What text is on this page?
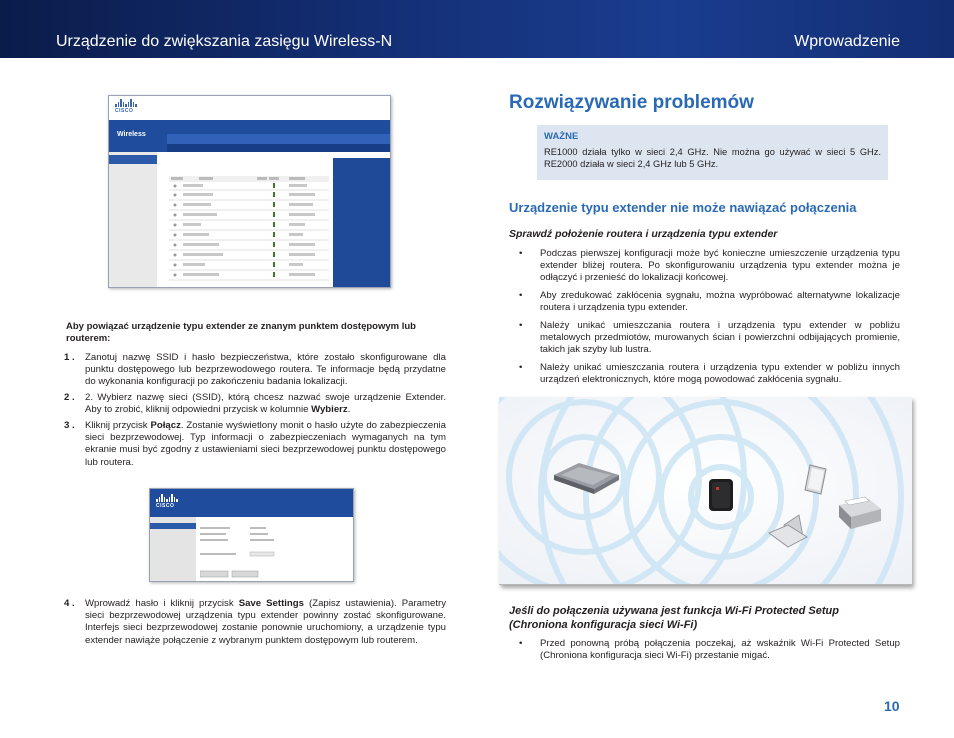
Urządzenie do zwiększania zasięgu Wireless-N	Wprowadzenie
CISCO
Wireless
Aby powiązać urządzenie typu extender ze znanym punktem dostępowym lub routerem:
1 .	Zanotuj nazwę SSID i hasło bezpieczeństwa, które zostało skonfigurowane dla punktu dostępowego lub bezprzewodowego routera. Te informacje będą przydatne do wykonania konfiguracji po zakończeniu badania lokalizacji.
2 .	2. Wybierz nazwę sieci (SSID), którą chcesz nazwać swoje urządzenie Extender. Aby to zrobić, kliknij odpowiedni przycisk w kolumnie Wybierz.
3 .	Kliknij przycisk Połącz. Zostanie wyświetlony monit o hasło użyte do zabezpieczenia sieci bezprzewodowej. Typ informacji o zabezpieczeniach wymaganych na tym ekranie musi być zgodny z ustawieniami sieci bezprzewodowej punktu dostępowego lub routera.
CISCO
4 .	Wprowadź hasło i kliknij przycisk Save Settings (Zapisz ustawienia). Parametry sieci bezprzewodowej urządzenia typu extender powinny zostać skonfigurowane. Interfejs sieci bezprzewodowej zostanie ponownie uruchomiony, a urządzenie typu extender nawiąże połączenie z wybranym punktem dostępowym lub routerem.
Rozwiązywanie problemów
WAŻNE
RE1000 działa tylko w sieci 2,4 GHz. Nie można go używać w sieci 5 GHz. RE2000 działa w sieci 2,4 GHz lub 5 GHz.
Urządzenie typu extender nie może nawiązać połączenia
Sprawdź położenie routera i urządzenia typu extender
• Podczas pierwszej konfiguracji może być konieczne umieszczenie urządzenia typu extender bliżej routera. Po skonfigurowaniu urządzenia typu extender można je odłączyć i przenieść do lokalizacji końcowej.
• Aby zredukować zakłócenia sygnału, można wypróbować alternatywne lokalizacje routera i urządzenia typu extender.
• Należy unikać umieszczania routera i urządzenia typu extender w pobliżu metalowych przedmiotów, murowanych ścian i powierzchni odbijających promienie, takich jak szyby lub lustra.
• Należy unikać umieszczania routera i urządzenia typu extender w pobliżu innych urządzeń elektronicznych, które mogą powodować zakłócenia sygnału.
Jeśli do połączenia używana jest funkcja Wi-Fi Protected Setup (Chroniona konfiguracja sieci Wi-Fi)
• Przed ponowną próbą połączenia poczekaj, aż wskaźnik Wi-Fi Protected Setup (Chroniona konfiguracja sieci Wi-Fi) przestanie migać.
10
